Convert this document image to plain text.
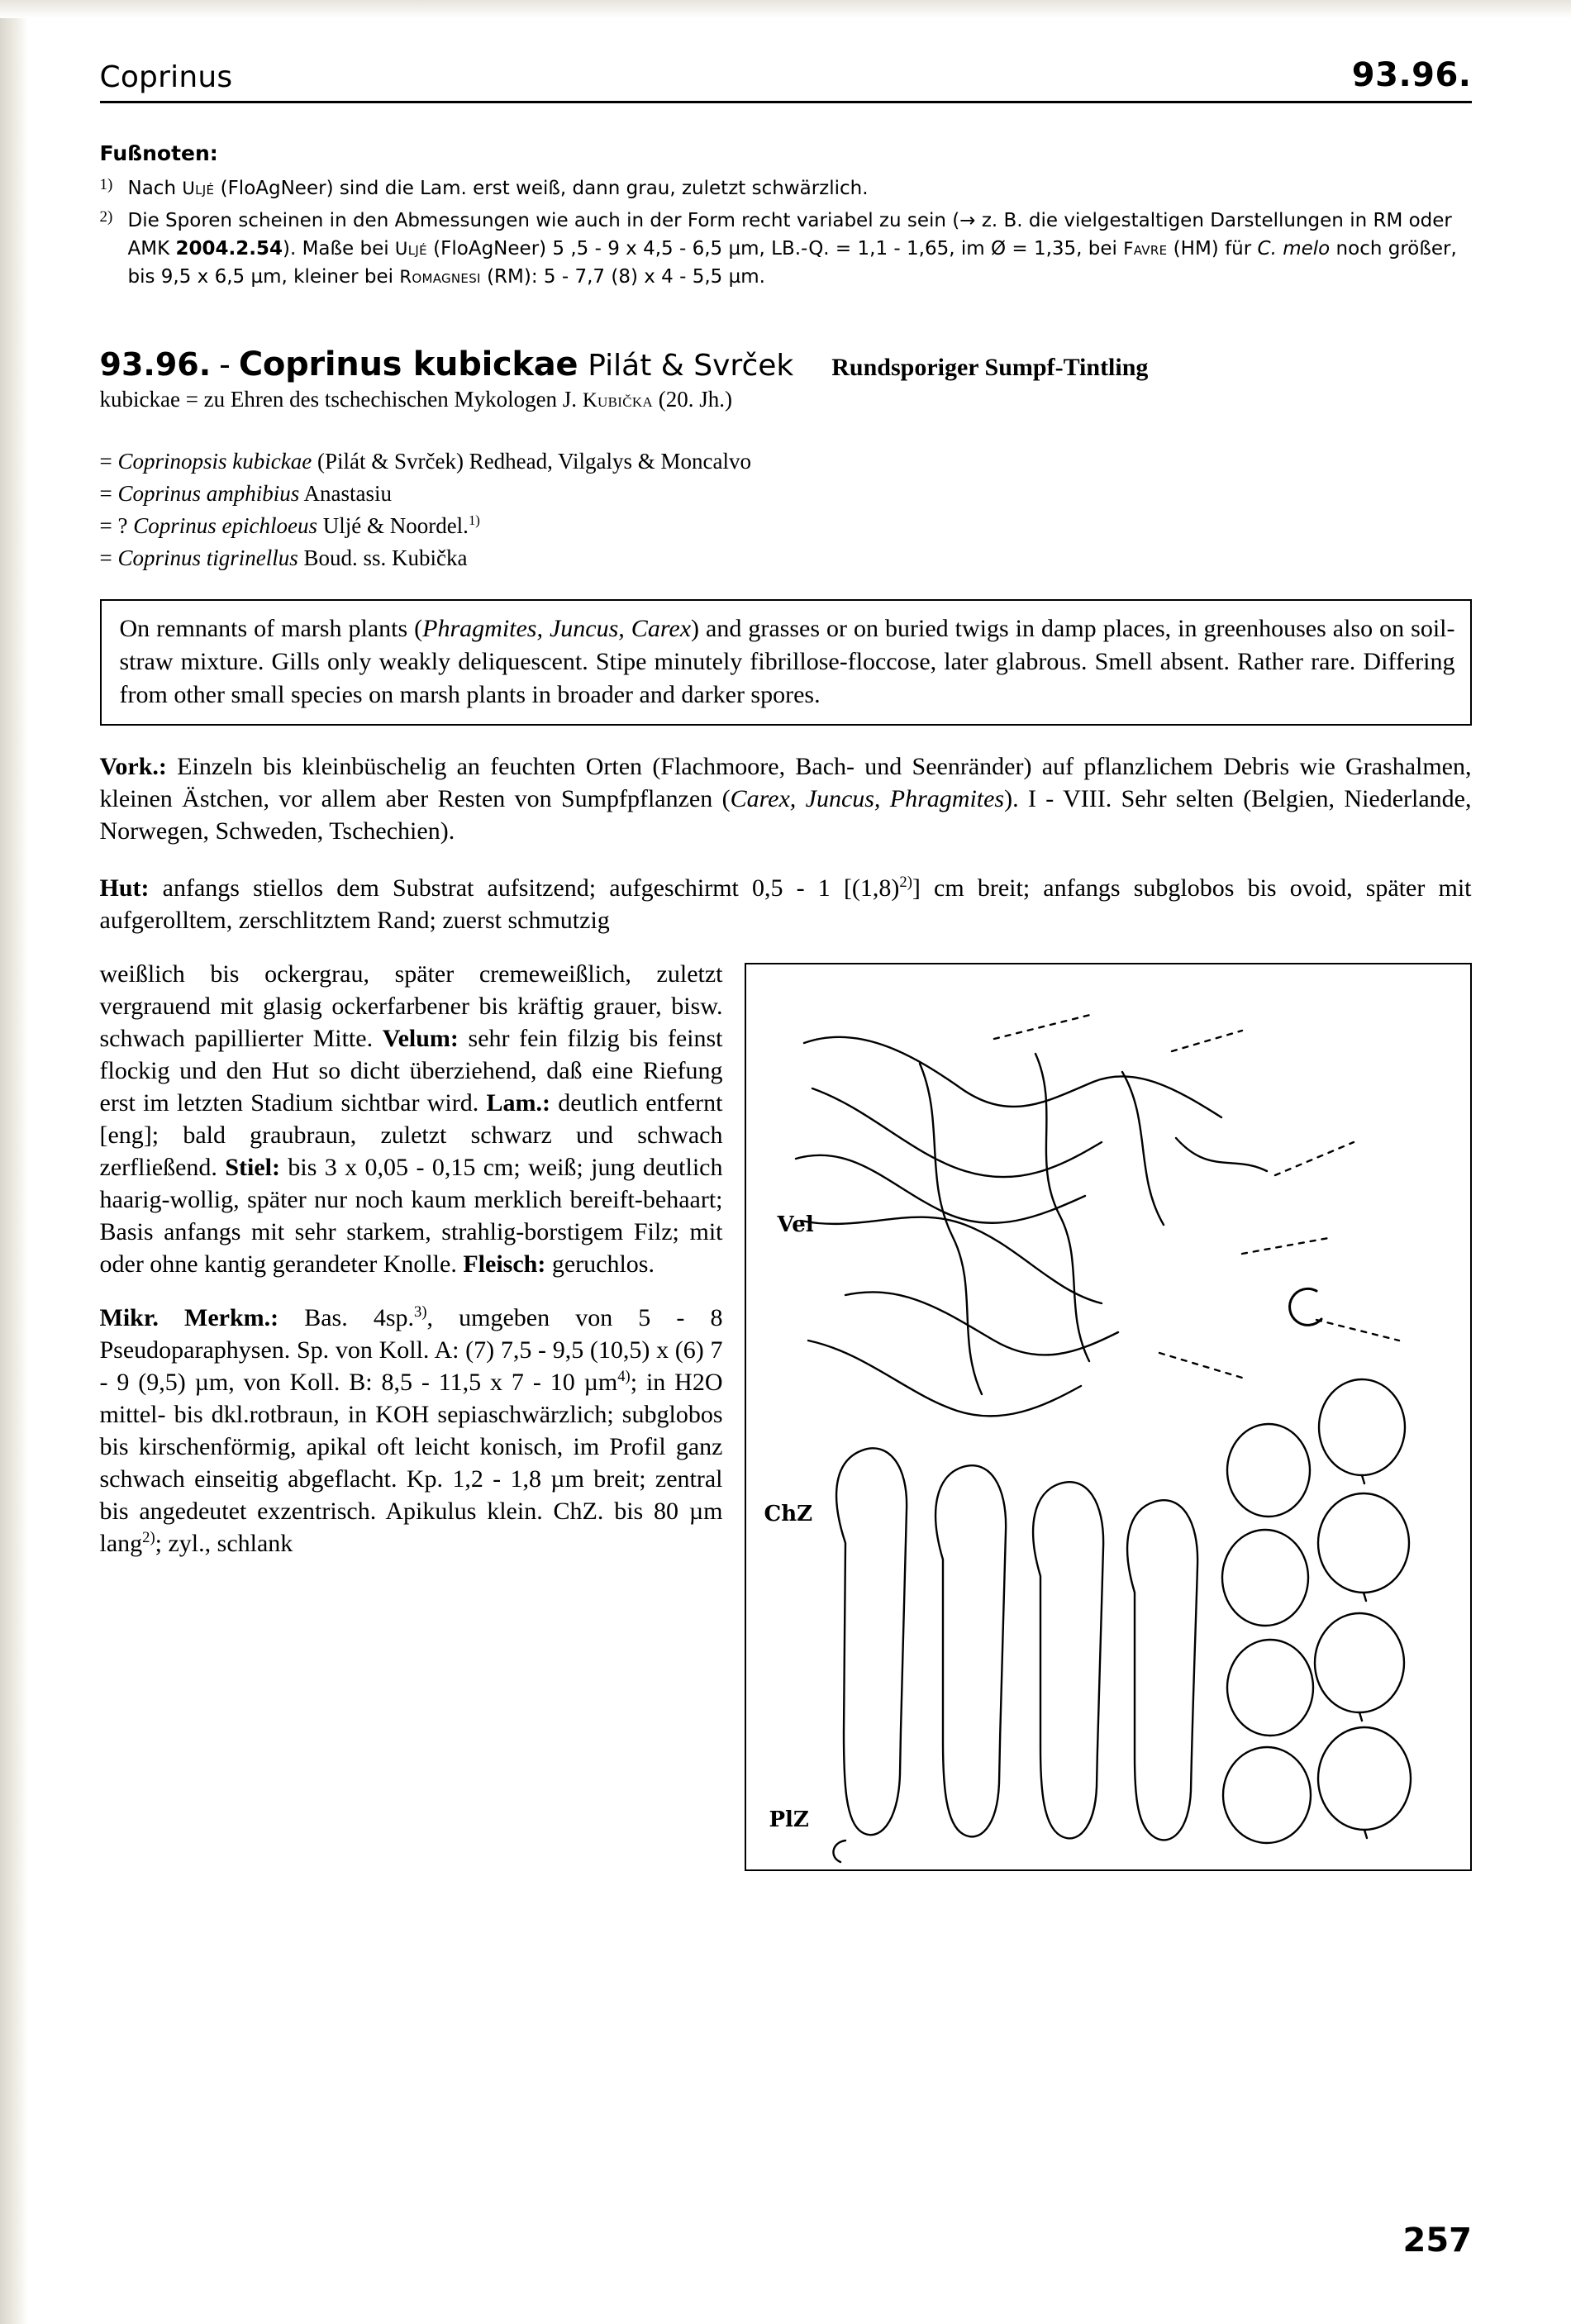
Coprinus	93.96.
Fußnoten:
1) Nach Uljé (FloAgNeer) sind die Lam. erst weiß, dann grau, zuletzt schwärzlich.
2) Die Sporen scheinen in den Abmessungen wie auch in der Form recht variabel zu sein (→ z. B. die vielgestaltigen Darstellungen in RM oder AMK 2004.2.54). Maße bei Uljé (FloAgNeer) 5 ,5 - 9 x 4,5 - 6,5 µm, LB.-Q. = 1,1 - 1,65, im Ø = 1,35, bei Favre (HM) für C. melo noch größer, bis 9,5 x 6,5 µm, kleiner bei Romagnesi (RM): 5 - 7,7 (8) x 4 - 5,5 µm.
93.96. - Coprinus kubickae Pilát & Svrček Rundsporiger Sumpf-Tintling
kubickae = zu Ehren des tschechischen Mykologen J. Kubička (20. Jh.)
= Coprinopsis kubickae (Pilát & Svrček) Redhead, Vilgalys & Moncalvo
= Coprinus amphibius Anastasiu
= ? Coprinus epichloeus Uljé & Noordel.$^{1)}$
= Coprinus tigrinellus Boud. ss. Kubička
On remnants of marsh plants (Phragmites, Juncus, Carex) and grasses or on buried twigs in damp places, in greenhouses also on soil-straw mixture. Gills only weakly deliquescent. Stipe minutely fibrillose-floccose, later glabrous. Smell absent. Rather rare. Differing from other small species on marsh plants in broader and darker spores.
Vork.: Einzeln bis kleinbüschelig an feuchten Orten (Flachmoore, Bach- und Seenränder) auf pflanzlichem Debris wie Grashalmen, kleinen Ästchen, vor allem aber Resten von Sumpfpflanzen (Carex, Juncus, Phragmites). I - VIII. Sehr selten (Belgien, Niederlande, Norwegen, Schweden, Tschechien).
Hut: anfangs stiellos dem Substrat aufsitzend; aufgeschirmt 0,5 - 1 [(1,8)$^{2)}$] cm breit; anfangs subglobos bis ovoid, später mit aufgerolltem, zerschlitztem Rand; zuerst schmutzig
Vel
ChZ
PlZ
weißlich bis ockergrau, später cremeweißlich, zuletzt vergrauend mit glasig ockerfarbener bis kräftig grauer, bisw. schwach papillierter Mitte. Velum: sehr fein filzig bis feinst flockig und den Hut so dicht überziehend, daß eine Riefung erst im letzten Stadium sichtbar wird. Lam.: deutlich entfernt [eng]; bald graubraun, zuletzt schwarz und schwach zerfließend. Stiel: bis 3 x 0,05 - 0,15 cm; weiß; jung deutlich haarig-wollig, später nur noch kaum merklich bereift-behaart; Basis anfangs mit sehr starkem, strahlig-borstigem Filz; mit oder ohne kantig gerandeter Knolle. Fleisch: geruchlos.
Mikr. Merkm.: Bas. 4sp.$^{3)}$, umgeben von 5 - 8 Pseudoparaphysen. Sp. von Koll. A: (7) 7,5 - 9,5 (10,5) x (6) 7 - 9 (9,5) µm, von Koll. B: 8,5 - 11,5 x 7 - 10 µm$^{4)}$; in H2O mittel- bis dkl.rotbraun, in KOH sepiaschwärzlich; subglobos bis kirschenförmig, apikal oft leicht konisch, im Profil ganz schwach einseitig abgeflacht. Kp. 1,2 - 1,8 µm breit; zentral bis angedeutet exzentrisch. Apikulus klein. ChZ. bis 80 µm lang$^{2)}$; zyl., schlank
257
